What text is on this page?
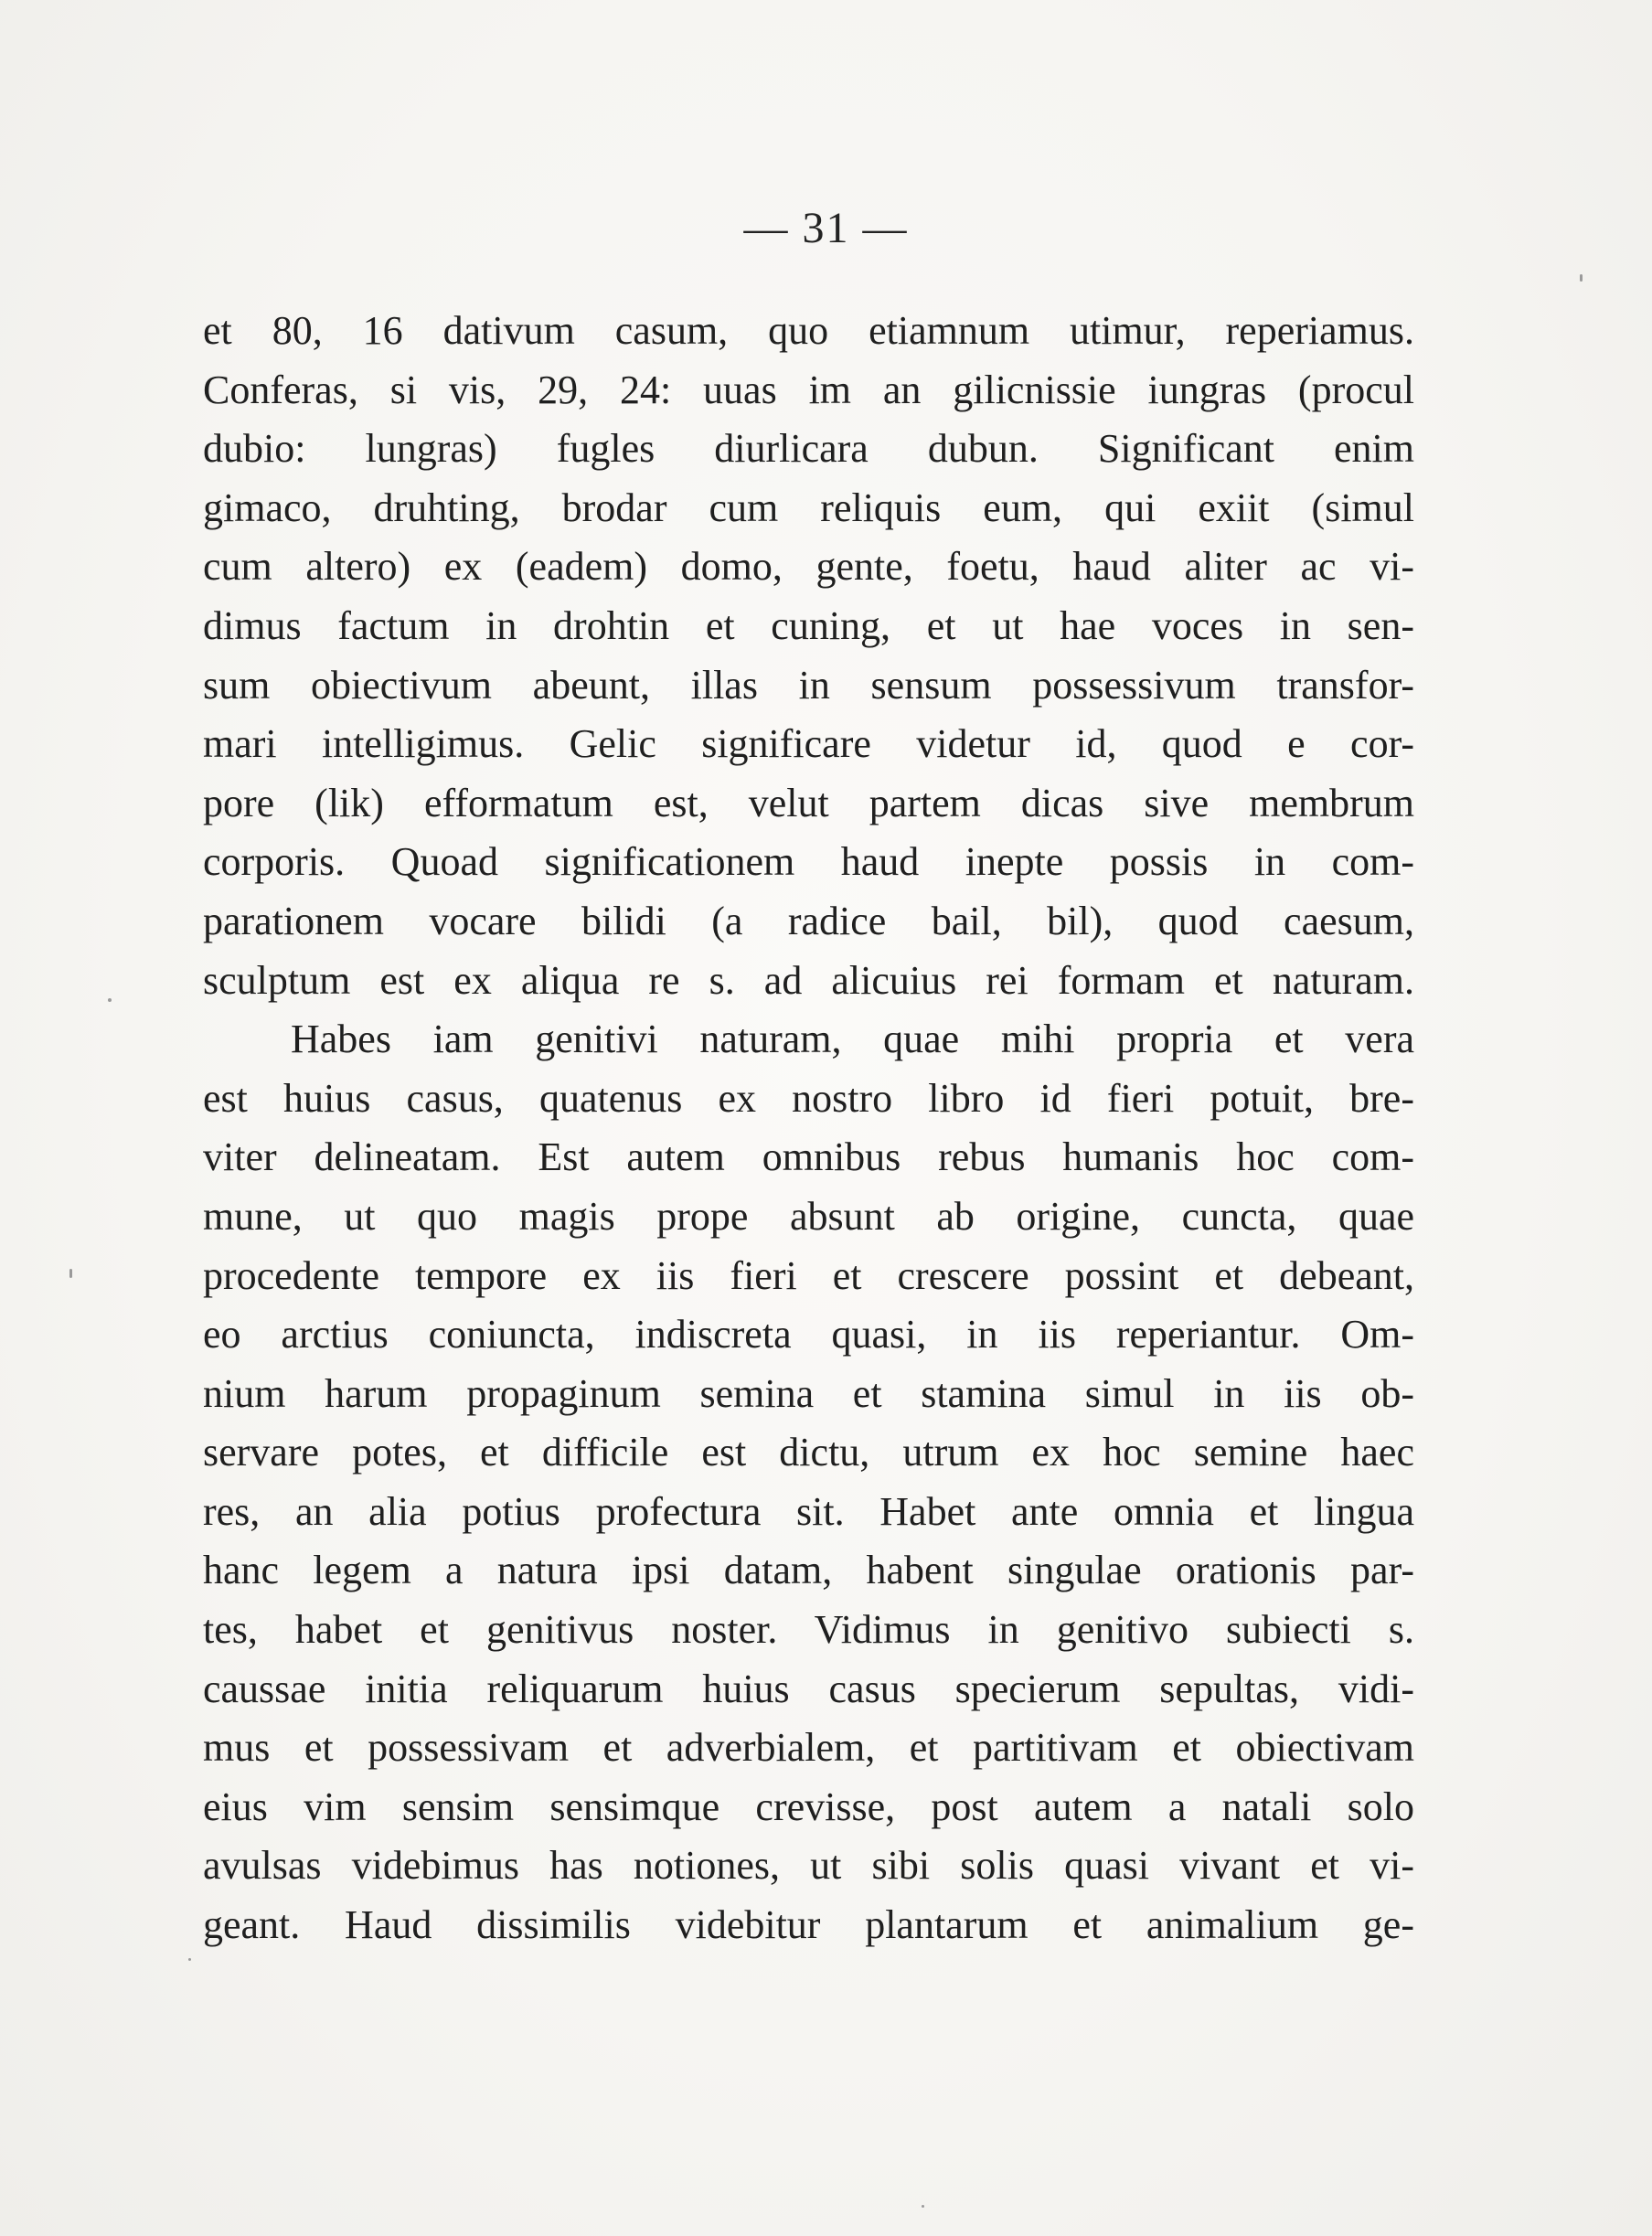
— 31 —
et 80, 16 dativum casum, quo etiamnum utimur, reperiamus.
Conferas, si vis, 29, 24: uuas im an gilicnissie iungras (procul
dubio: lungras) fugles diurlicara dubun. Significant enim
gimaco, druhting, brodar cum reliquis eum, qui exiit (simul
cum altero) ex (eadem) domo, gente, foetu, haud aliter ac vi-
dimus factum in drohtin et cuning, et ut hae voces in sen-
sum obiectivum abeunt, illas in sensum possessivum transfor-
mari intelligimus. Gelic significare videtur id, quod e cor-
pore (lik) efformatum est, velut partem dicas sive membrum
corporis. Quoad significationem haud inepte possis in com-
parationem vocare bilidi (a radice bail, bil), quod caesum,
sculptum est ex aliqua re s. ad alicuius rei formam et naturam.
Habes iam genitivi naturam, quae mihi propria et vera
est huius casus, quatenus ex nostro libro id fieri potuit, bre-
viter delineatam. Est autem omnibus rebus humanis hoc com-
mune, ut quo magis prope absunt ab origine, cuncta, quae
procedente tempore ex iis fieri et crescere possint et debeant,
eo arctius coniuncta, indiscreta quasi, in iis reperiantur. Om-
nium harum propaginum semina et stamina simul in iis ob-
servare potes, et difficile est dictu, utrum ex hoc semine haec
res, an alia potius profectura sit. Habet ante omnia et lingua
hanc legem a natura ipsi datam, habent singulae orationis par-
tes, habet et genitivus noster. Vidimus in genitivo subiecti s.
caussae initia reliquarum huius casus specierum sepultas, vidi-
mus et possessivam et adverbialem, et partitivam et obiectivam
eius vim sensim sensimque crevisse, post autem a natali solo
avulsas videbimus has notiones, ut sibi solis quasi vivant et vi-
geant. Haud dissimilis videbitur plantarum et animalium ge-
